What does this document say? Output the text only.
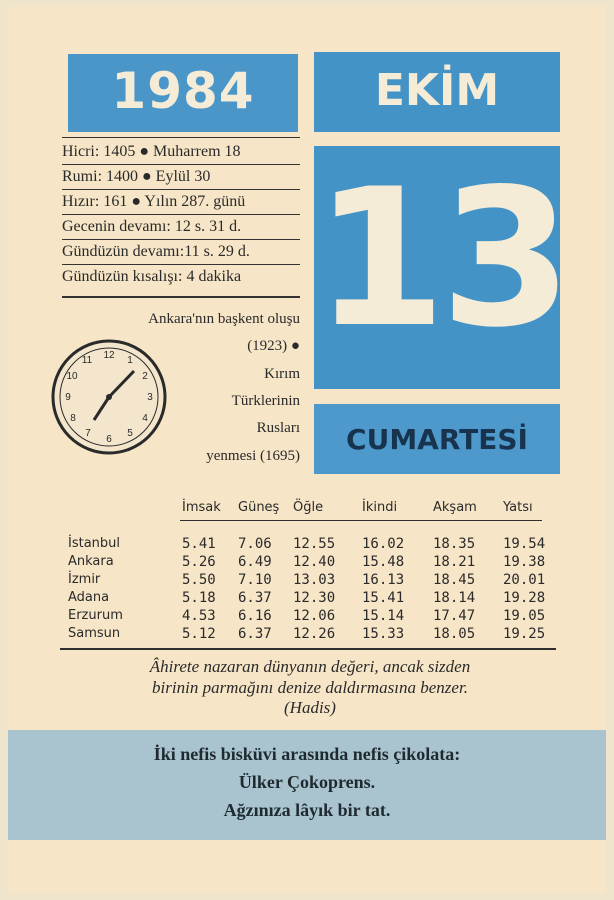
1984	EKİM
13
CUMARTESİ
Hicri: 1405 ● Muharrem 18
Rumi: 1400 ● Eylül 30
Hızır: 161 ● Yılın 287. günü
Gecenin devamı: 12 s. 31 d.
Gündüzün devamı:11 s. 29 d.
Gündüzün kısalışı: 4 dakika
Ankara'nın başkent oluşu
(1923) ●
Kırım
Türklerinin
Rusları
yenmesi (1695)
12 1
2
3
4
5
6
7
8
9
10
11
İmsak Güneş Öğle	İkindi	Akşam Yatsı
İstanbul	5.41 7.06 12.55 16.02 18.35 19.54
Ankara	5.26 6.49 12.40 15.48 18.21 19.38
İzmir	5.50 7.10 13.03 16.13 18.45 20.01
Adana	5.18 6.37 12.30 15.41 18.14 19.28
Erzurum	4.53 6.16 12.06 15.14 17.47 19.05
Samsun	5.12 6.37 12.26 15.33 18.05 19.25
Âhirete nazaran dünyanın değeri, ancak sizden
birinin parmağını denize daldırmasına benzer.
(Hadis)
İki nefis bisküvi arasında nefis çikolata:
Ülker Çokoprens.
Ağzınıza lâyık bir tat.
